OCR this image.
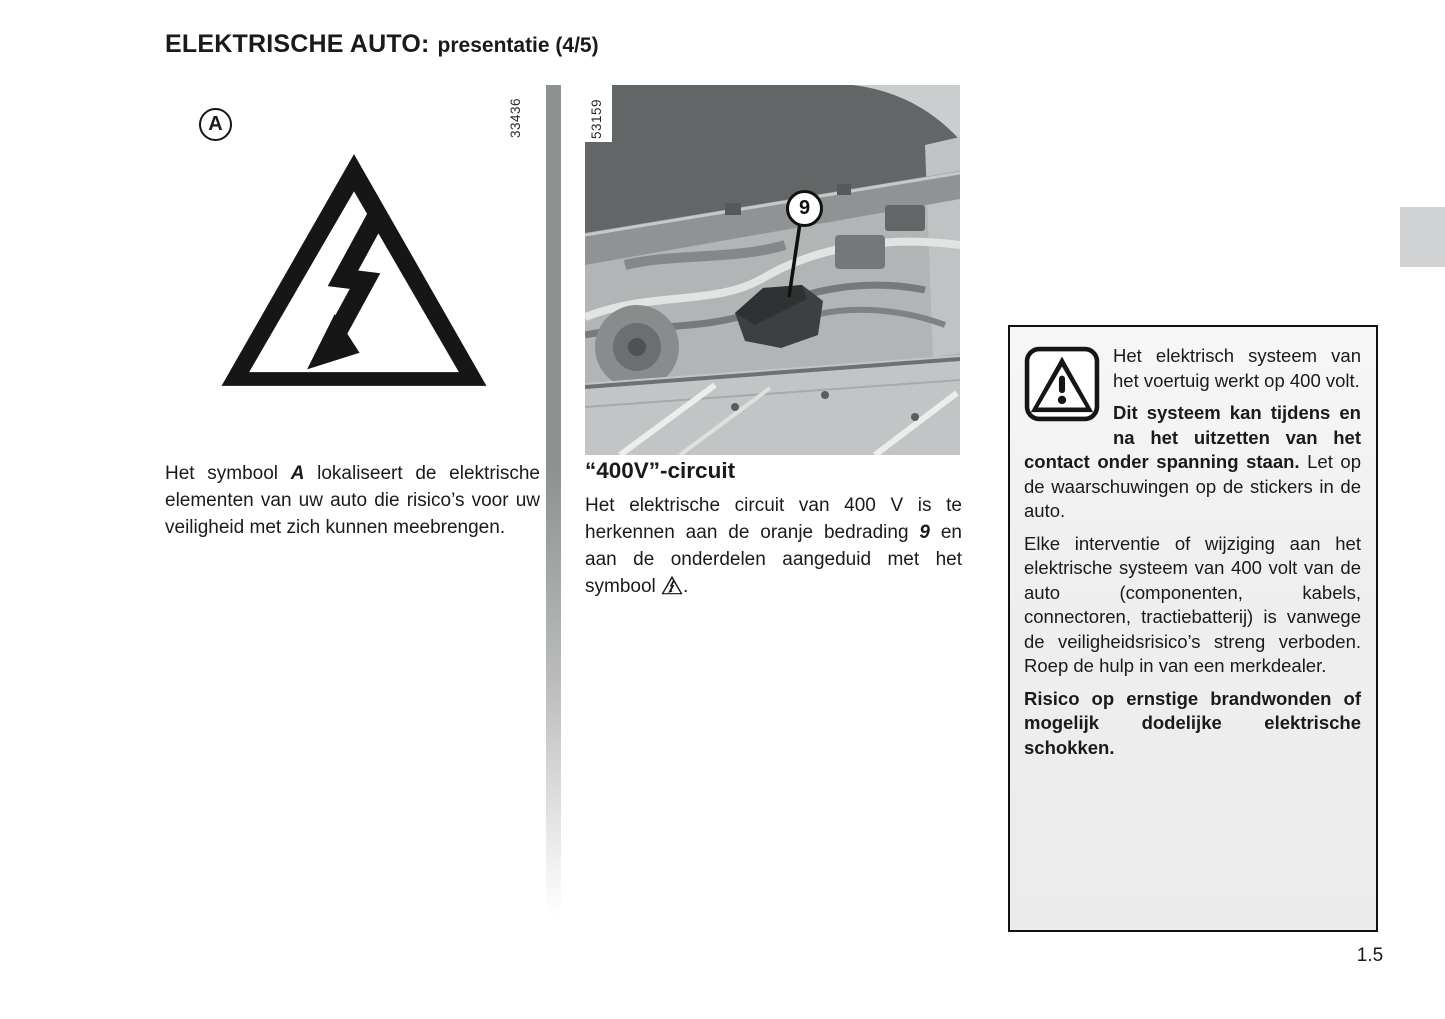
ELEKTRISCHE AUTO: presentatie (4/5)
A

Het symbool A lokaliseert de elektrische elementen van uw auto die risico’s voor uw veiligheid met zich kunnen meebrengen.

33436	53159
9
“400V”-circuit

Het elektrische circuit van 400 V is te herkennen aan de oranje bedrading 9 en aan de onderdelen aangeduid met het symbool .

Het elektrisch systeem van het voertuig werkt op 400 volt.

Dit systeem kan tijdens en na het uitzetten van het contact onder spanning staan. Let op de waarschuwingen op de stickers in de auto.

Elke interventie of wijziging aan het elektrische systeem van 400 volt van de auto (componenten, kabels, connectoren, tractiebatterij) is vanwege de veiligheidsrisico’s streng verboden. Roep de hulp in van een merkdealer.

Risico op ernstige brandwonden of mogelijk dodelijke elektrische schokken.

1.5
